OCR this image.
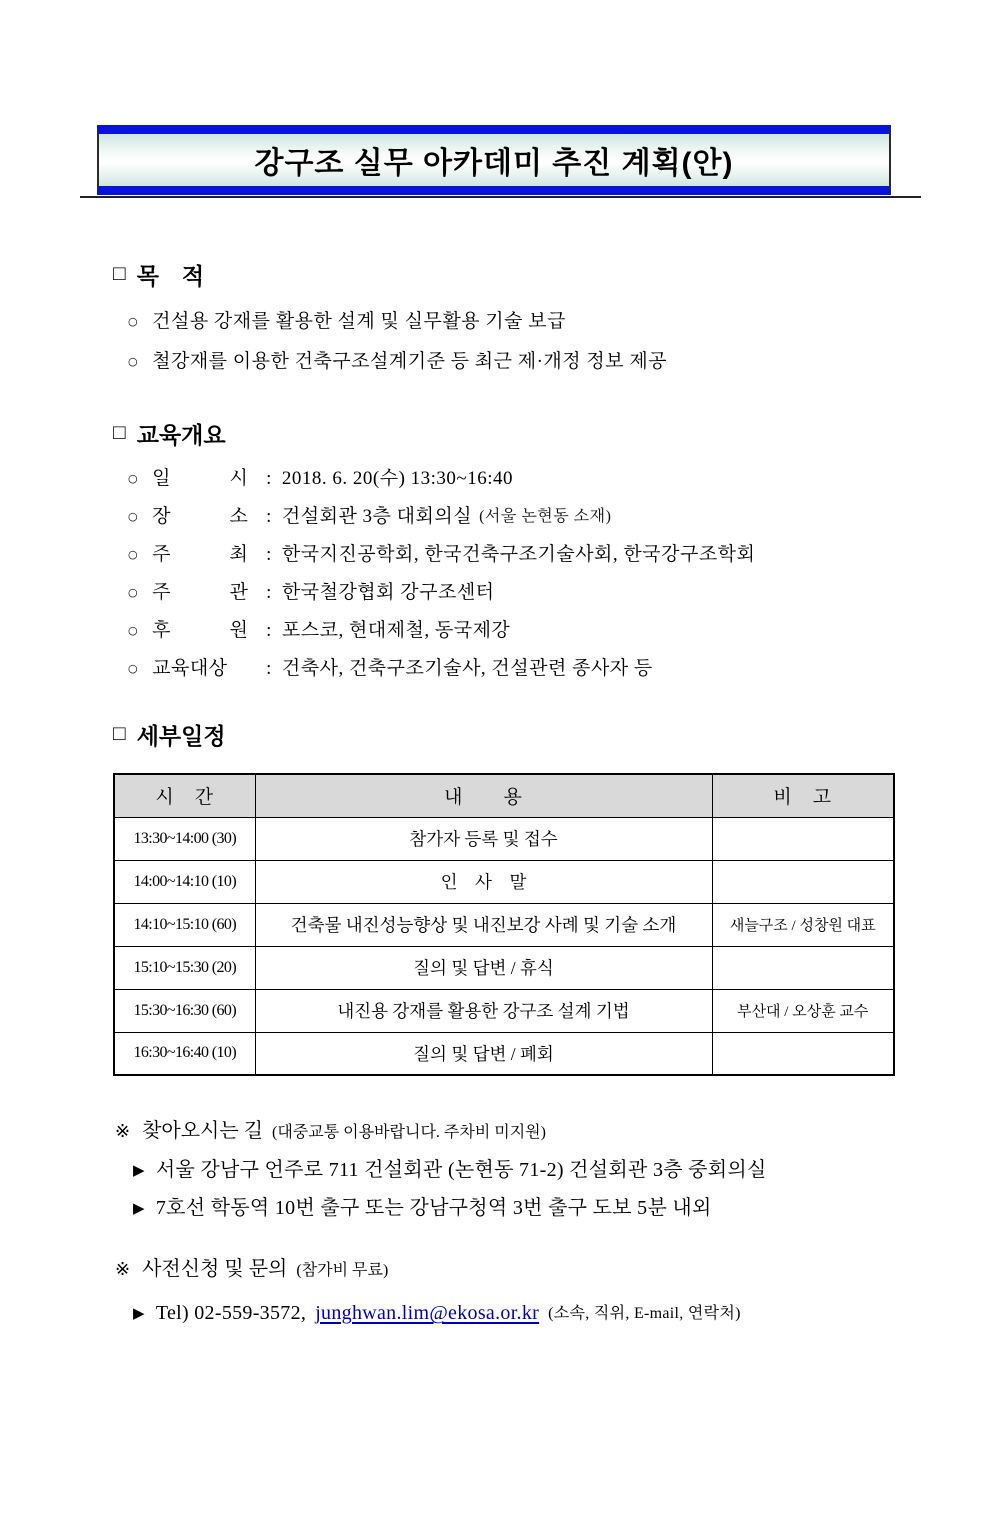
강구조 실무 아카데미 추진 계획(안)
□ 목　적
○ 건설용 강재를 활용한 설계 및 실무활용 기술 보급
○ 철강재를 이용한 건축구조설계기준 등 최근 제·개정 정보 제공
□ 교육개요
○ 일　　　시 : 2018. 6. 20(수) 13:30~16:40
○ 장　　　소 : 건설회관 3층 대회의실 (서울 논현동 소재)
○ 주　　　최 : 한국지진공학회, 한국건축구조기술사회, 한국강구조학회
○ 주　　　관 : 한국철강협회 강구조센터
○ 후　　　원 : 포스코, 현대제철, 동국제강
○ 교육대상	: 건축사, 건축구조기술사, 건설관련 종사자 등
□ 세부일정
시　간	내　　용	비　고
13:30~14:00 (30)	참가자 등록 및 접수	
14:00~14:10 (10)	인　사　말	
14:10~15:10 (60)	건축물 내진성능향상 및 내진보강 사례 및 기술 소개	새늘구조 / 성창원 대표
15:10~15:30 (20)	질의 및 답변 / 휴식	
15:30~16:30 (60)	내진용 강재를 활용한 강구조 설계 기법	부산대 / 오상훈 교수
16:30~16:40 (10)	질의 및 답변 / 폐회	
※ 찾아오시는 길 (대중교통 이용바랍니다. 주차비 미지원)
▶ 서울 강남구 언주로 711 건설회관 (논현동 71-2) 건설회관 3층 중회의실
▶ 7호선 학동역 10번 출구 또는 강남구청역 3번 출구 도보 5분 내외
※ 사전신청 및 문의 (참가비 무료)
▶ Tel) 02-559-3572, junghwan.lim@ekosa.or.kr (소속, 직위, E-mail, 연락처)
